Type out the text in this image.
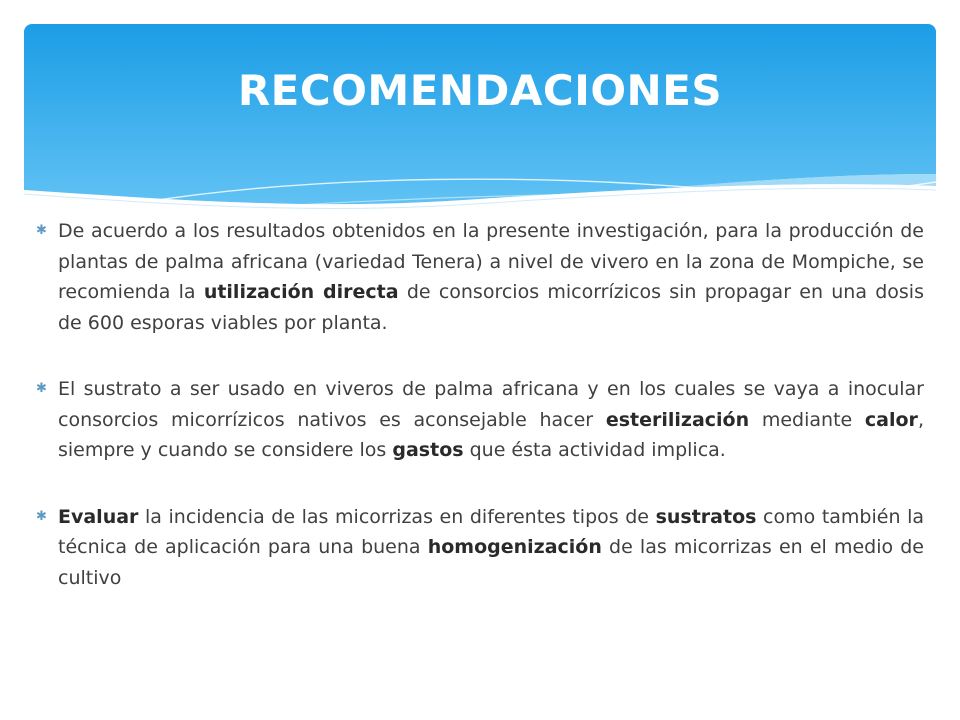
RECOMENDACIONES
✱ De acuerdo a los resultados obtenidos en la presente investigación, para la producción de plantas de palma africana (variedad Tenera) a nivel de vivero en la zona de Mompiche, se recomienda la utilización directa de consorcios micorrízicos sin propagar en una dosis de 600 esporas viables por planta.
✱ El sustrato a ser usado en viveros de palma africana y en los cuales se vaya a inocular consorcios micorrízicos nativos es aconsejable hacer esterilización mediante calor, siempre y cuando se considere los gastos que ésta actividad implica.
✱ Evaluar la incidencia de las micorrizas en diferentes tipos de sustratos como también la técnica de aplicación para una buena homogenización de las micorrizas en el medio de cultivo
